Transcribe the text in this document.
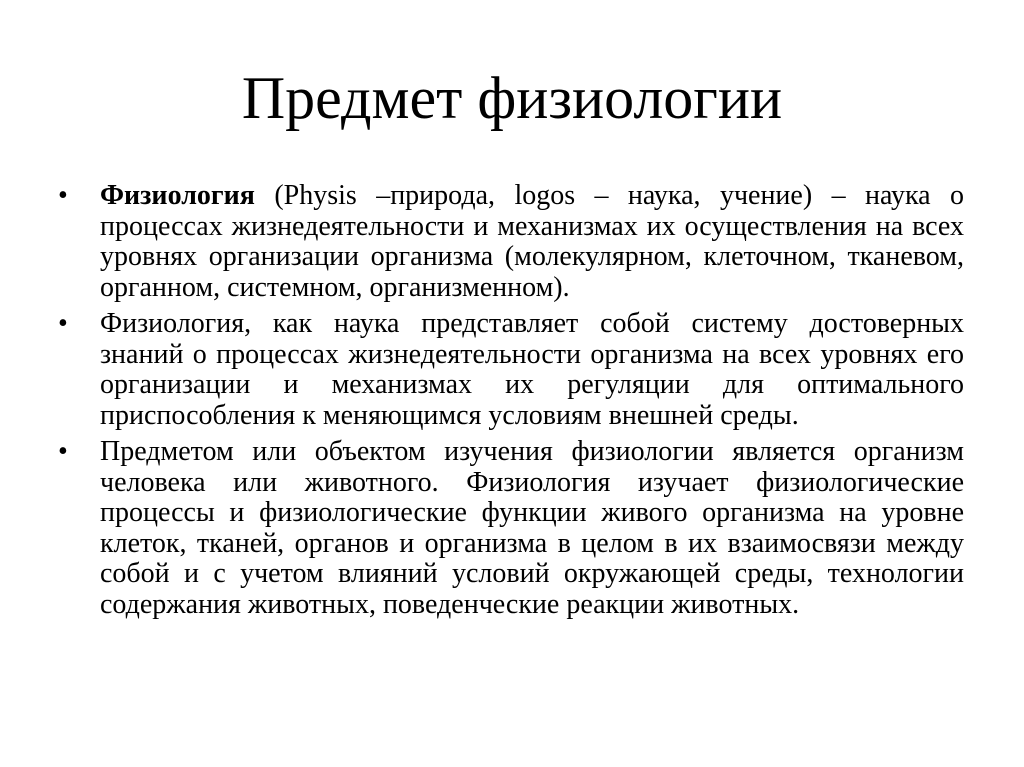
Предмет физиологии
•	Физиология (Physis –природа, logos – наука, учение) – наука о процессах жизнедеятельности и механизмах их осуществления на всех уровнях организации организма (молекулярном, клеточном, тканевом, органном, системном, организменном).
•	Физиология, как наука представляет собой систему достоверных знаний о процессах жизнедеятельности организма на всех уровнях его организации и механизмах их регуляции для оптимального приспособления к меняющимся условиям внешней среды.
•	Предметом или объектом изучения физиологии является организм человека или животного. Физиология изучает физиологические процессы и физиологические функции живого организма на уровне клеток, тканей, органов и организма в целом в их взаимосвязи между собой и с учетом влияний условий окружающей среды, технологии содержания животных, поведенческие реакции животных.
